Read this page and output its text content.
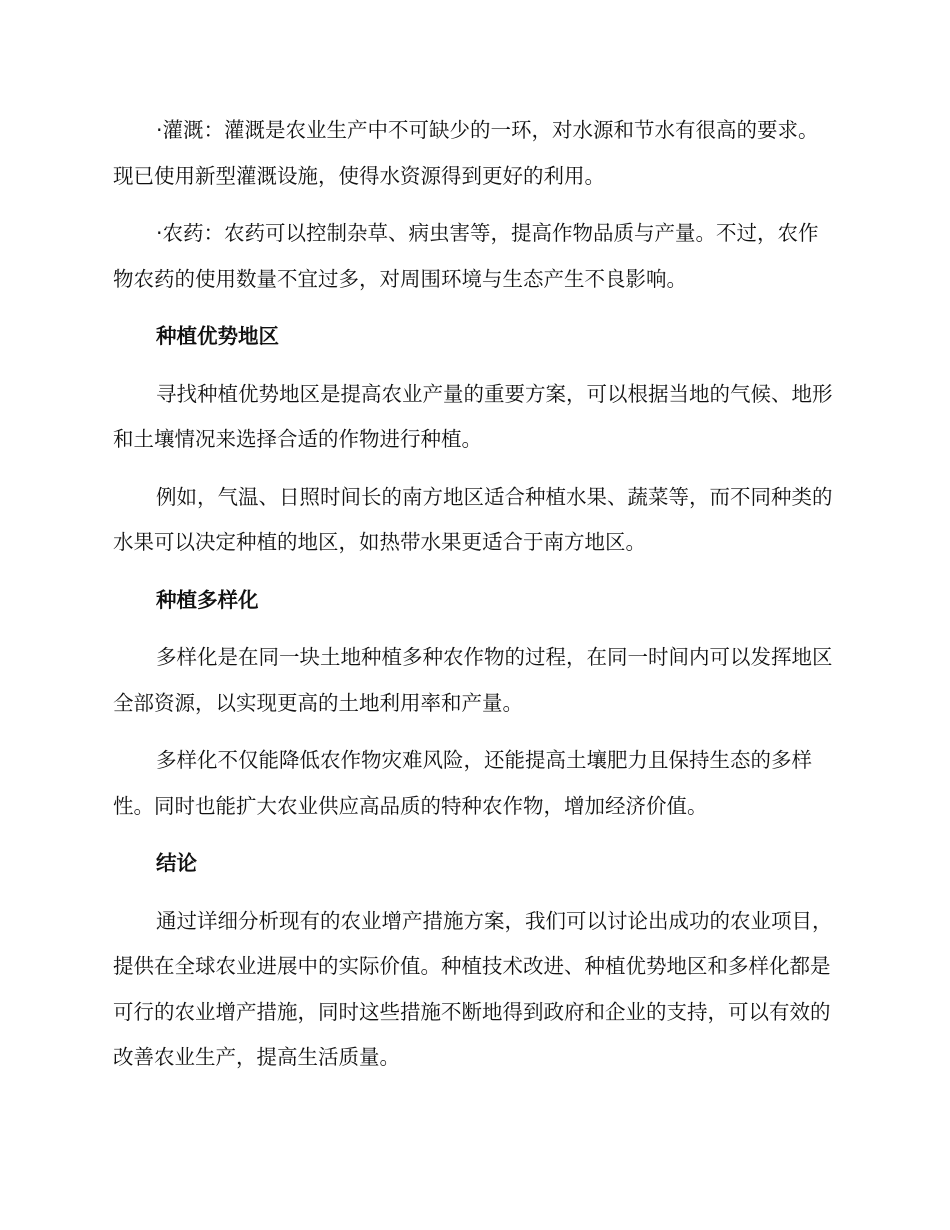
·灌溉：灌溉是农业生产中不可缺少的一环，对水源和节水有很高的要求。现已使用新型灌溉设施，使得水资源得到更好的利用。

·农药：农药可以控制杂草、病虫害等，提高作物品质与产量。不过，农作物农药的使用数量不宜过多，对周围环境与生态产生不良影响。

种植优势地区

寻找种植优势地区是提高农业产量的重要方案，可以根据当地的气候、地形和土壤情况来选择合适的作物进行种植。

例如，气温、日照时间长的南方地区适合种植水果、蔬菜等，而不同种类的水果可以决定种植的地区，如热带水果更适合于南方地区。

种植多样化

多样化是在同一块土地种植多种农作物的过程，在同一时间内可以发挥地区全部资源，以实现更高的土地利用率和产量。

多样化不仅能降低农作物灾难风险，还能提高土壤肥力且保持生态的多样性。同时也能扩大农业供应高品质的特种农作物，增加经济价值。

结论

通过详细分析现有的农业增产措施方案，我们可以讨论出成功的农业项目，提供在全球农业进展中的实际价值。种植技术改进、种植优势地区和多样化都是可行的农业增产措施，同时这些措施不断地得到政府和企业的支持，可以有效的改善农业生产，提高生活质量。
